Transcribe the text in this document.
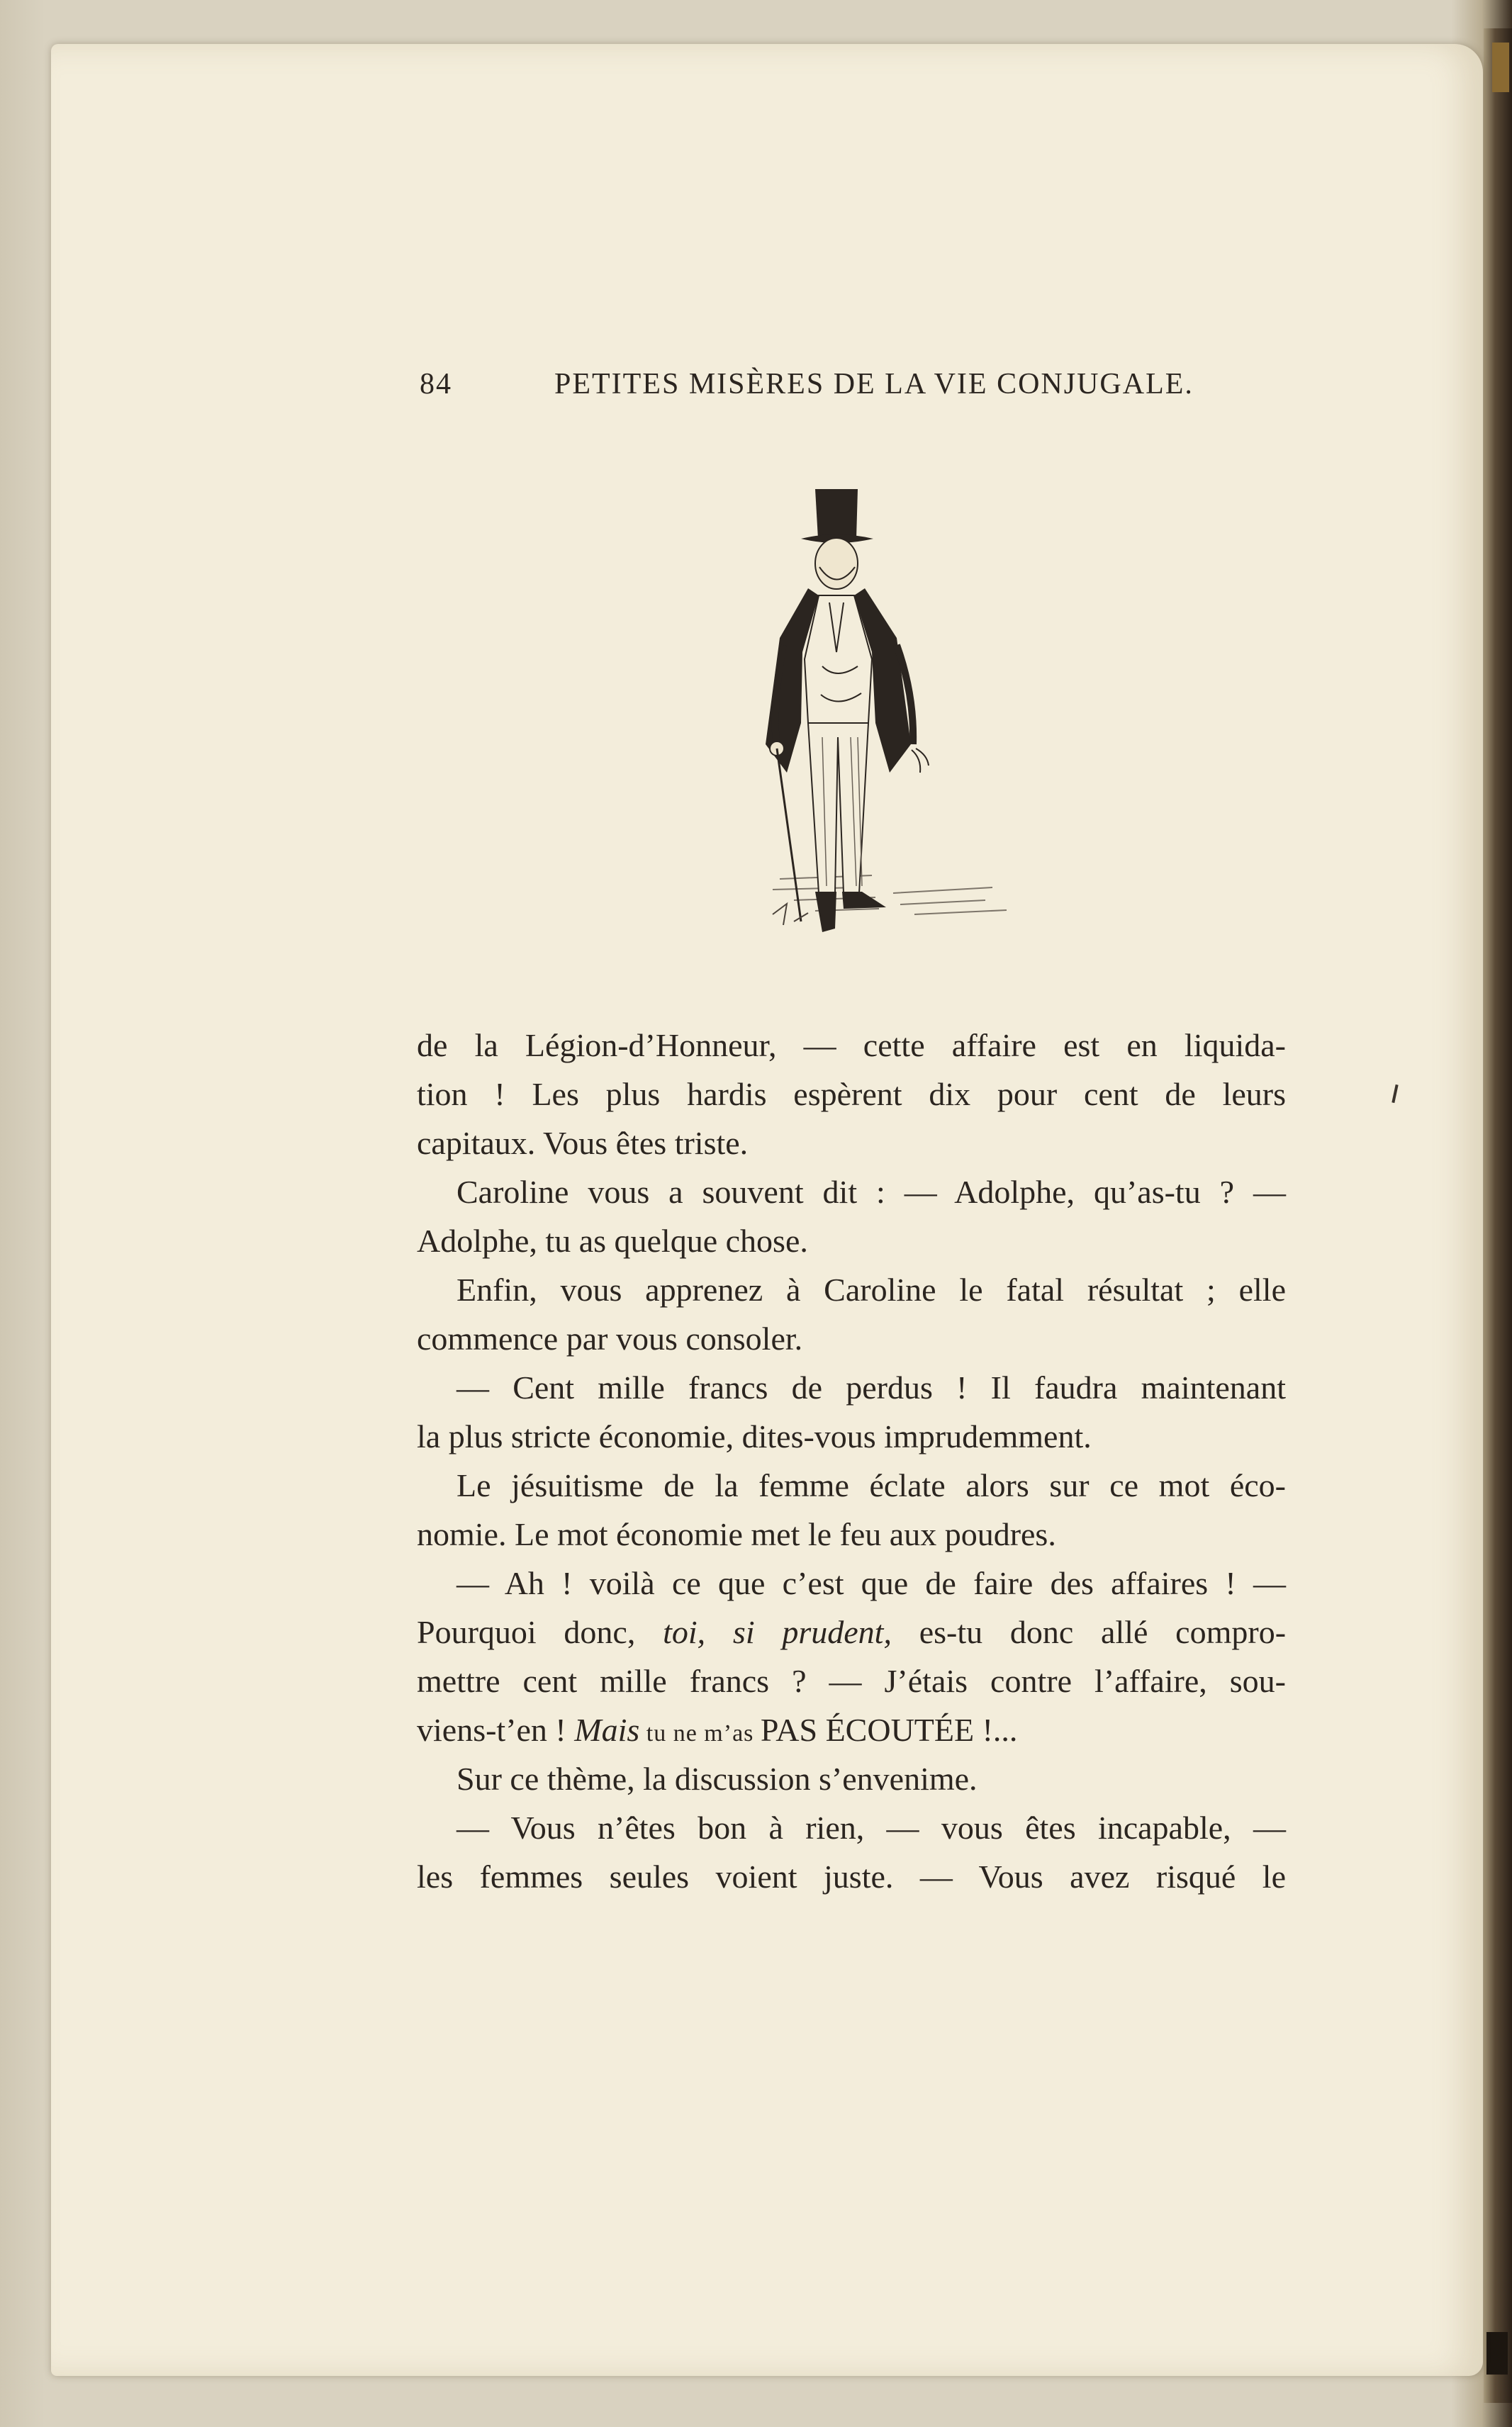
84	PETITES MISÈRES DE LA VIE CONJUGALE.
de la Légion-d’Honneur, — cette affaire est en liquida-
tion ! Les plus hardis espèrent dix pour cent de leurs
capitaux. Vous êtes triste.
Caroline vous a souvent dit : — Adolphe, qu’as-tu ? —
Adolphe, tu as quelque chose.
Enfin, vous apprenez à Caroline le fatal résultat ; elle
commence par vous consoler.
— Cent mille francs de perdus ! Il faudra maintenant
la plus stricte économie, dites-vous imprudemment.
Le jésuitisme de la femme éclate alors sur ce mot éco-
nomie. Le mot économie met le feu aux poudres.
— Ah ! voilà ce que c’est que de faire des affaires ! —
Pourquoi donc, toi, si prudent, es-tu donc allé compro-
mettre cent mille francs ? — J’étais contre l’affaire, sou-
viens-t’en ! Mais tu ne m’as PAS ÉCOUTÉE !...
Sur ce thème, la discussion s’envenime.
— Vous n’êtes bon à rien, — vous êtes incapable, —
les femmes seules voient juste. — Vous avez risqué le
